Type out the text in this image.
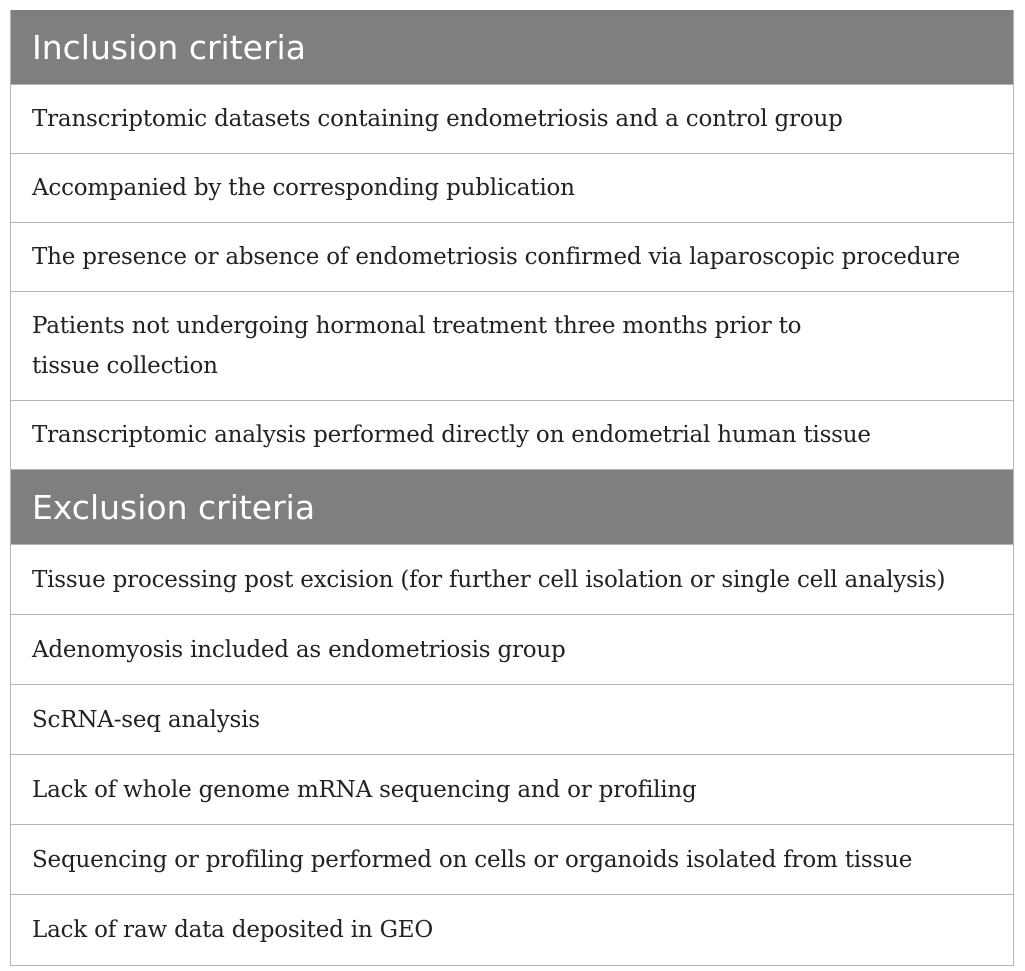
Inclusion criteria
Transcriptomic datasets containing endometriosis and a control group
Accompanied by the corresponding publication
The presence or absence of endometriosis confirmed via laparoscopic procedure
Patients not undergoing hormonal treatment three months prior to
tissue collection
Transcriptomic analysis performed directly on endometrial human tissue
Exclusion criteria
Tissue processing post excision (for further cell isolation or single cell analysis)
Adenomyosis included as endometriosis group
ScRNA-seq analysis
Lack of whole genome mRNA sequencing and or profiling
Sequencing or profiling performed on cells or organoids isolated from tissue
Lack of raw data deposited in GEO
